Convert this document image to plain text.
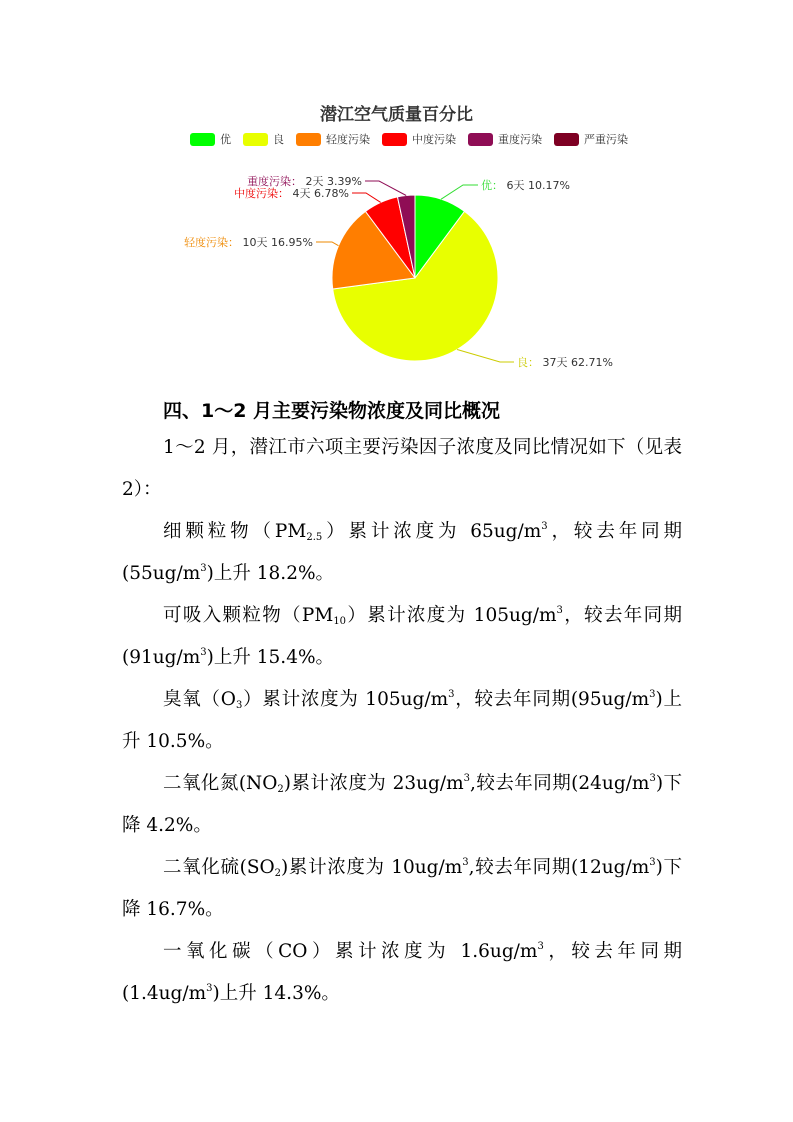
潜江空气质量百分比
优	良	轻度污染	中度污染	重度污染	严重污染
优： 6天 10.17%
良： 37天 62.71%
轻度污染： 10天 16.95%
中度污染： 4天 6.78%
重度污染： 2天 3.39%
四、1～2 月主要污染物浓度及同比概况

1～2 月，潜江市六项主要污染因子浓度及同比情况如下（见表 2）：

细颗粒物$(PM_{2.5})$累计浓度为 $65ug/m^3$，较去年同期$(55ug/m^3)$上升 18.2%。

可吸入颗粒物$(PM_{10})$累计浓度为 $105ug/m^3$，较去年同期$(91ug/m^3)$上升 15.4%。

臭氧$(O_3)$累计浓度为 $105ug/m^3$，较去年同期$(95ug/m^3)$上升 10.5%。

二氧化氮$(NO_2)$累计浓度为 $23ug/m^3$,较去年同期$(24ug/m^3)$下降 4.2%。

二氧化硫$(SO_2)$累计浓度为 $10ug/m^3$,较去年同期$(12ug/m^3)$下降 16.7%。

一氧化碳（CO）累计浓度为 $1.6ug/m^3$，较去年同期$(1.4ug/m^3)$上升 14.3%。
